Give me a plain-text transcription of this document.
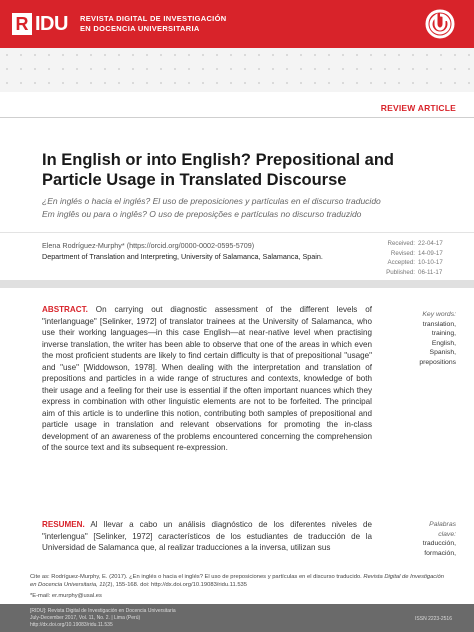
R IDU REVISTA DIGITAL DE INVESTIGACIÓN
EN DOCENCIA UNIVERSITARIA
REVIEW ARTICLE
In English or into English? Prepositional and Particle Usage in Translated Discourse
¿En inglés o hacia el inglés? El uso de preposiciones y partículas en el discurso traducido
Em inglês ou para o inglês? O uso de preposições e partículas no discurso traduzido
Elena Rodríguez-Murphy* (https://orcid.org/0000-0002-0595-5709)
Department of Translation and Interpreting, University of Salamanca, Salamanca, Spain.
Received: 22-04-17
Revised: 14-09-17
Accepted: 10-10-17
Published: 06-11-17

ABSTRACT. On carrying out diagnostic assessment of the different levels of "interlanguage" [Selinker, 1972] of translator trainees at the University of Salamanca, who use their working languages—in this case English—at near-native level when practising inverse translation, the writer has been able to observe that one of the areas in which even the most proficient students are likely to find certain difficulty is that of prepositional "usage" and "use" [Widdowson, 1978]. When dealing with the interpretation and translation of prepositions and particles in a wide range of structures and contexts, knowledge of both their usage and a feeling for their use is essential if the often important nuances which they express in combination with other linguistic elements are not to be forfeited. The principal aim of this article is to underline this notion, contributing both samples of prepositional and particle usage in translation and relevant observations for promoting the in-class development of an awareness of the problems encountered concerning the comprehension of the source text and its subsequent re-expression.

Key words:
translation,
training,
English,
Spanish,
prepositions

RESUMEN. Al llevar a cabo un análisis diagnóstico de los diferentes niveles de "interlengua" [Selinker, 1972] característicos de los estudiantes de traducción de la Universidad de Salamanca que, al realizar traducciones a la inversa, utilizan sus

Palabras
clave:
traducción,
formación,
Cite as: Rodríguez-Murphy, E. (2017). ¿En inglés o hacia el inglés? El uso de preposiciones y partículas en el discurso traducido. Revista Digital de Investigación en Docencia Universitaria, 11(2), 155-168. doi: http://dx.doi.org/10.19083/ridu.11.535
*E-mail: er.murphy@usal.es
[RIDU]: Revista Digital de Investigación en Docencia Universitaria
July-December 2017, Vol. 11, No. 2. | Lima (Perú)
http://dx.doi.org/10.19083/ridu.11.535
ISSN 2223-2516
